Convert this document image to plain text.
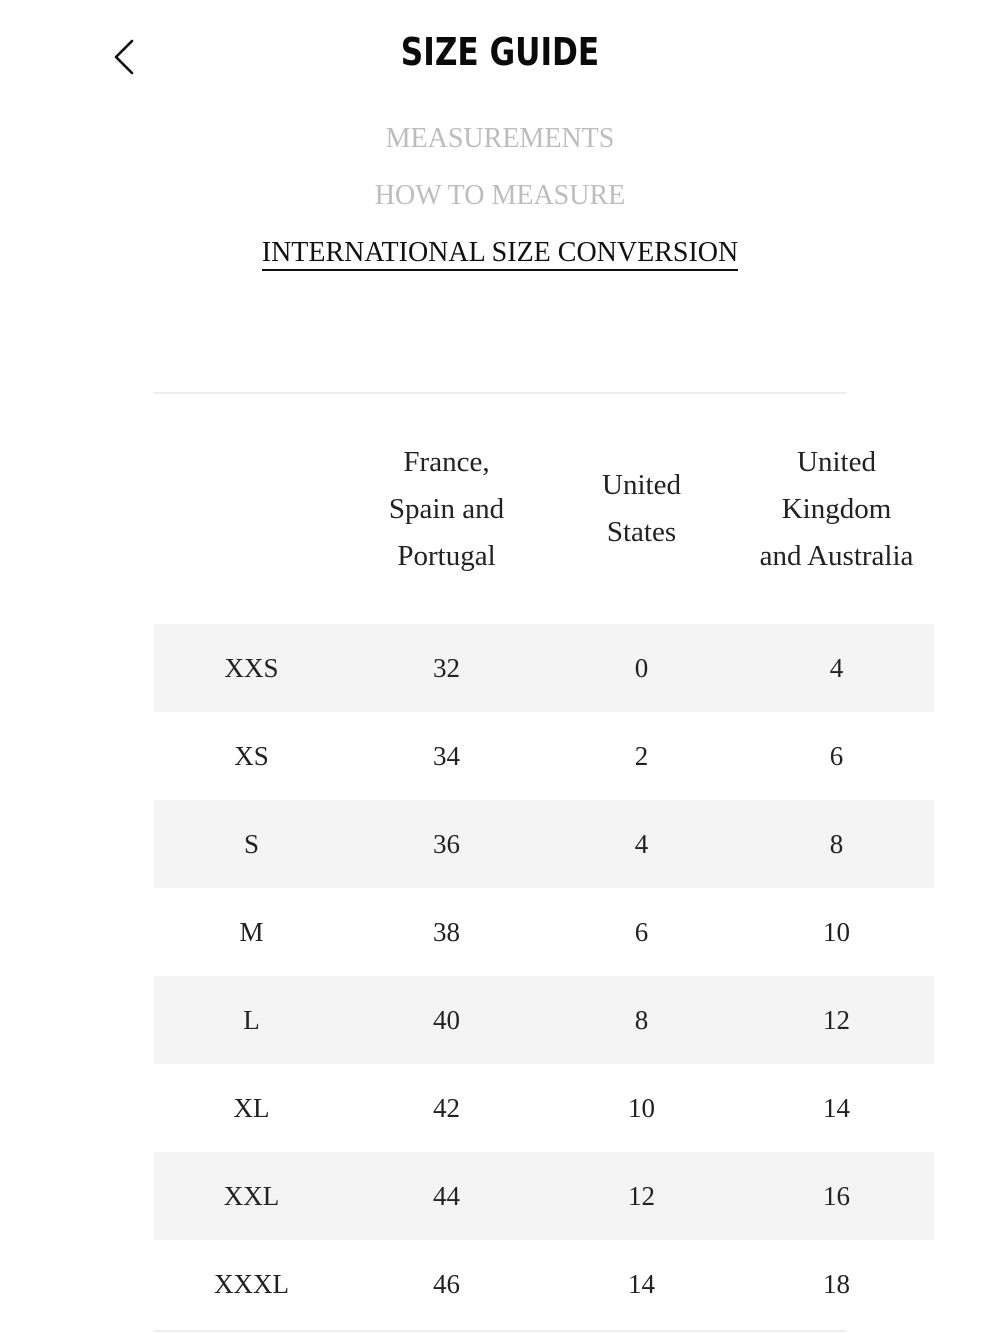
SIZE GUIDE
MEASUREMENTS
HOW TO MEASURE
INTERNATIONAL SIZE CONVERSION
	France, Spain and Portugal	United States	United Kingdom and Australia
XXS	32	0	4
XS	34	2	6
S	36	4	8
M	38	6	10
L	40	8	12
XL	42	10	14
XXL	44	12	16
XXXL	46	14	18
